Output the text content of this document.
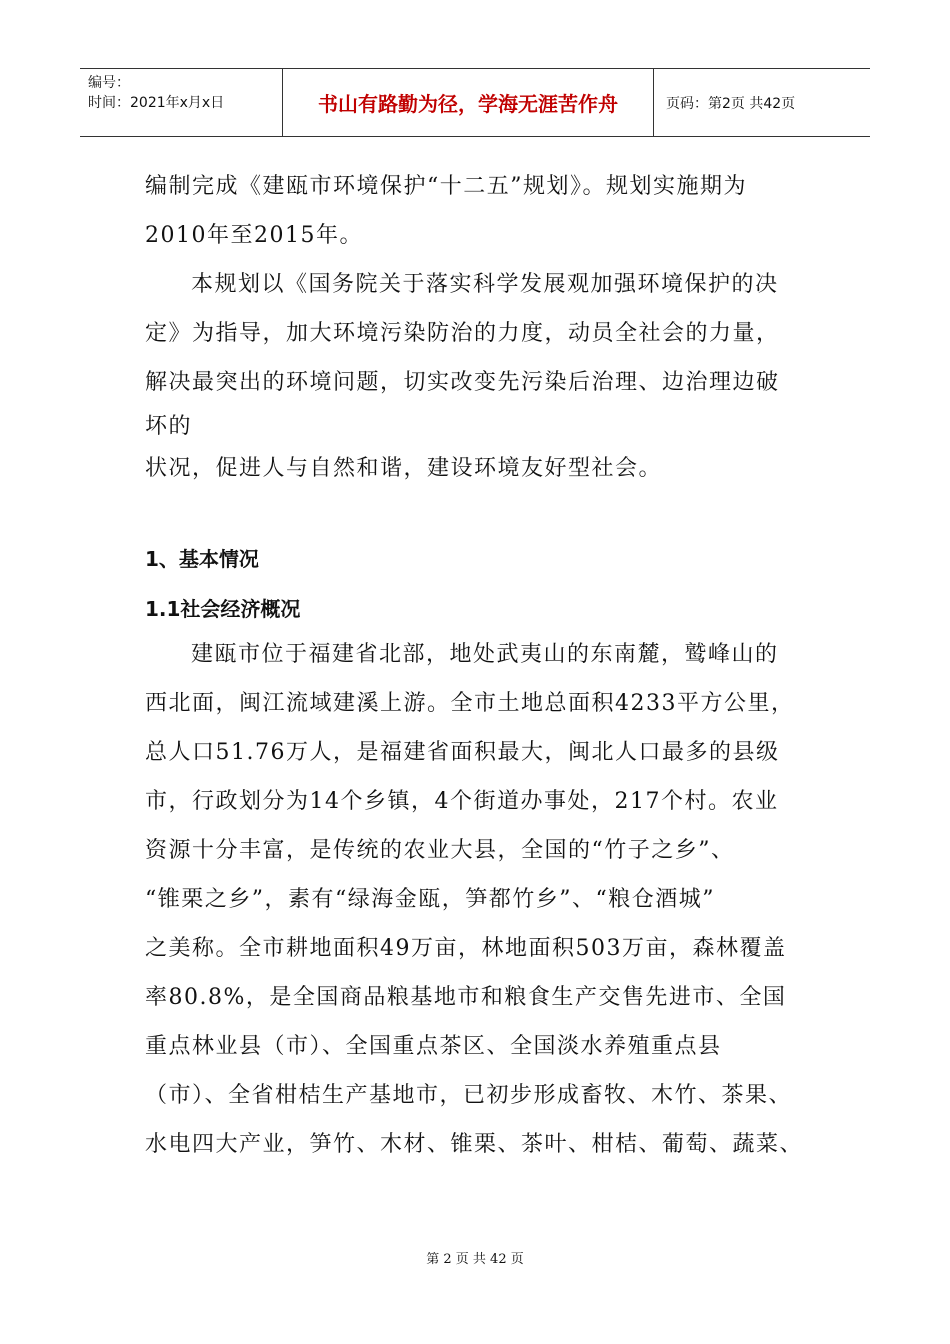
编号：
时间：2021年x月x日	书山有路勤为径，学海无涯苦作舟	页码：第2页 共42页

编制完成《建瓯市环境保护“十二五”规划》。规划实施期为

2010年至2015年。

本规划以《国务院关于落实科学发展观加强环境保护的决

定》为指导，加大环境污染防治的力度，动员全社会的力量，

解决最突出的环境问题，切实改变先污染后治理、边治理边破

坏的

状况，促进人与自然和谐，建设环境友好型社会。

1、基本情况

1.1社会经济概况

建瓯市位于福建省北部，地处武夷山的东南麓，鹫峰山的

西北面，闽江流域建溪上游。全市土地总面积4233平方公里，

总人口51.76万人，是福建省面积最大，闽北人口最多的县级

市，行政划分为14个乡镇，4个街道办事处，217个村。农业

资源十分丰富，是传统的农业大县，全国的“竹子之乡”、

“锥栗之乡”，素有“绿海金瓯，笋都竹乡”、“粮仓酒城”

之美称。全市耕地面积49万亩，林地面积503万亩，森林覆盖

率80.8%，是全国商品粮基地市和粮食生产交售先进市、全国

重点林业县（市）、全国重点茶区、全国淡水养殖重点县

（市）、全省柑桔生产基地市，已初步形成畜牧、木竹、茶果、

水电四大产业，笋竹、木材、锥栗、茶叶、柑桔、葡萄、蔬菜、

第 2 页 共 42 页
